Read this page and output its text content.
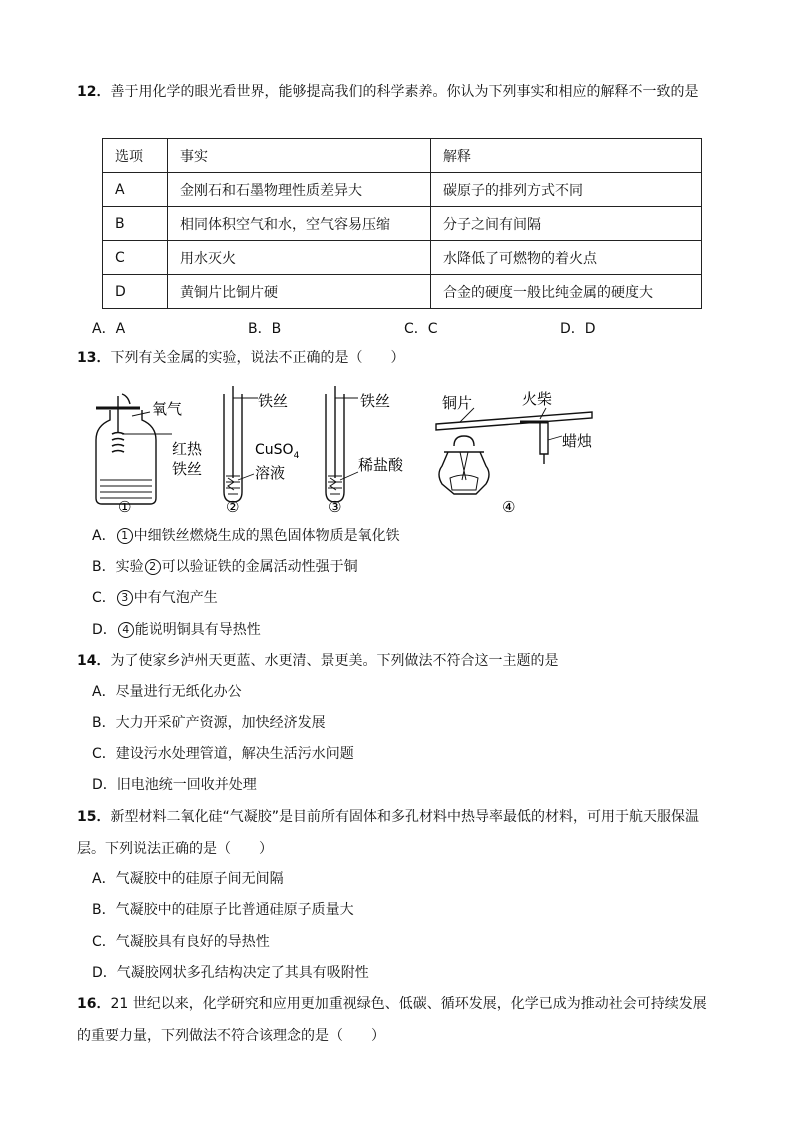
12．善于用化学的眼光看世界，能够提高我们的科学素养。你认为下列事实和相应的解释不一致的是
选项	事实	解释
A	金刚石和石墨物理性质差异大	碳原子的排列方式不同
B	相同体积空气和水，空气容易压缩	分子之间有间隔
C	用水灭火	水降低了可燃物的着火点
D	黄铜片比铜片硬	合金的硬度一般比纯金属的硬度大
A．A	B．B	C．C	D．D
13．下列有关金属的实验，说法不正确的是（　　）
氧气
红热
铁丝
①
铁丝
CuSO$_4$
溶液
②
铁丝
稀盐酸
③
铜片	火柴
蜡烛
④
A． 1 中细铁丝燃烧生成的黑色固体物质是氧化铁
B．实验 2 可以验证铁的金属活动性强于铜
C． 3 中有气泡产生
D． 4 能说明铜具有导热性
14．为了使家乡泸州天更蓝、水更清、景更美。下列做法不符合这一主题的是
A．尽量进行无纸化办公
B．大力开采矿产资源，加快经济发展
C．建设污水处理管道，解决生活污水问题
D．旧电池统一回收并处理
15．新型材料二氧化硅“气凝胶”是目前所有固体和多孔材料中热导率最低的材料，可用于航天服保温层。下列说法正确的是（　　）
A．气凝胶中的硅原子间无间隔
B．气凝胶中的硅原子比普通硅原子质量大
C．气凝胶具有良好的导热性
D．气凝胶网状多孔结构决定了其具有吸附性
16．21 世纪以来，化学研究和应用更加重视绿色、低碳、循环发展，化学已成为推动社会可持续发展的重要力量，下列做法不符合该理念的是（　　）
